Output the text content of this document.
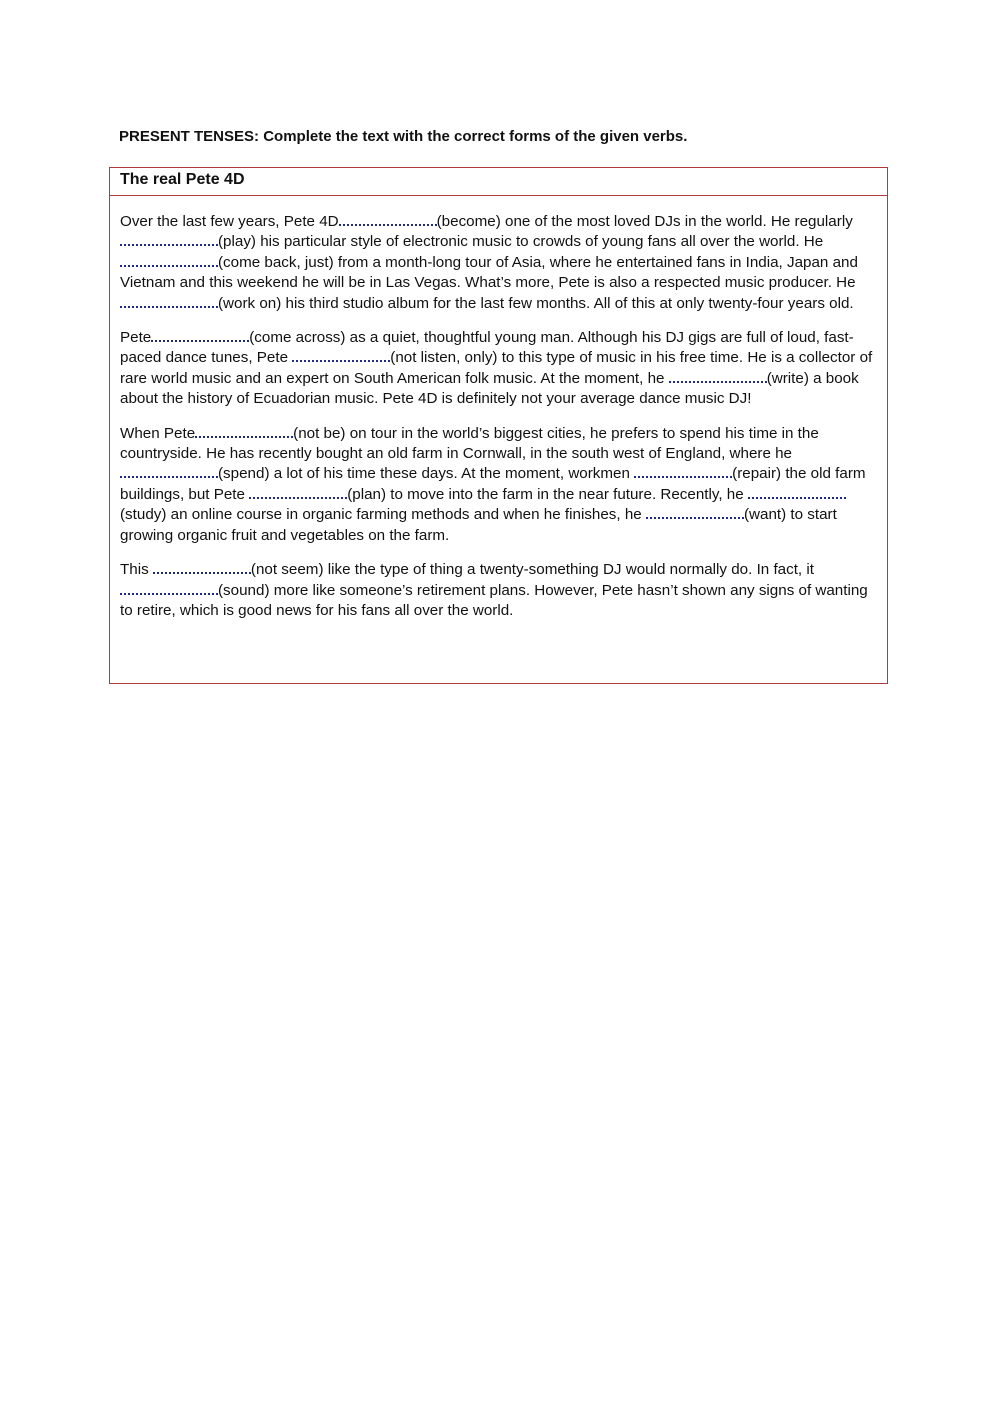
PRESENT TENSES: Complete the text with the correct forms of the given verbs.
The real Pete 4D

Over the last few years, Pete 4D	(become) one of the most loved DJs in the world. He regularly(play) his particular style of electronic music to crowds of young fans all over the world. He (come back, just) from a month-long tour of Asia, where he entertained fans in India, Japan and Vietnam and this weekend he will be in Las Vegas. What’s more, Pete is also a respected music producer. He (work on) his third studio album for the last few months. All of this at only twenty-four years old.

Pete	(come across) as a quiet, thoughtful young man. Although his DJ gigs are full of loud, fast-paced dance tunes, Pete	(not listen, only) to this type of music in his free time. He is a collector of rare world music and an expert on South American folk music. At the moment, he	(write) a book about the history of Ecuadorian music. Pete 4D is definitely not your average dance music DJ!

When Pete	(not be) on tour in the world’s biggest cities, he prefers to spend his time in the countryside. He has recently bought an old farm in Cornwall, in the south west of England, where he (spend) a lot of his time these days. At the moment, workmen	(repair) the old farm buildings, but Pete	(plan) to move into the farm in the near future. Recently, he (study) an online course in organic farming methods and when he finishes, he	(want) to start growing organic fruit and vegetables on the farm.

This	(not seem) like the type of thing a twenty-something DJ would normally do. In fact, it (sound) more like someone’s retirement plans. However, Pete hasn’t shown any signs of wanting to retire, which is good news for his fans all over the world.
